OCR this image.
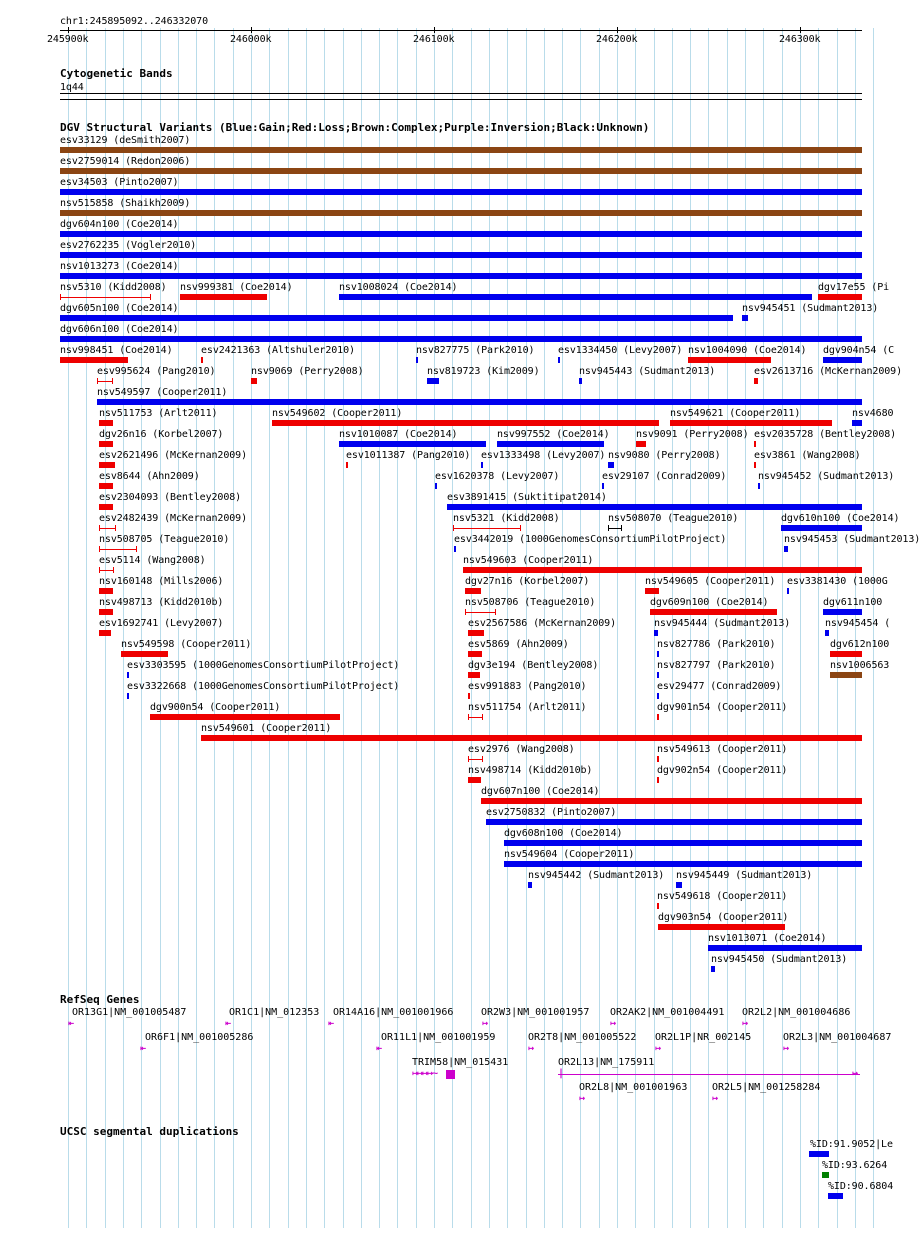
chr1:245895092..246332070
245900k	246000k	246100k	246200k	246300k
Cytogenetic Bands
1q44
DGV Structural Variants (Blue:Gain;Red:Loss;Brown:Complex;Purple:Inversion;Black:Unknown)
esv33129 (deSmith2007)
esv2759014 (Redon2006)
esv34503 (Pinto2007)
nsv515858 (Shaikh2009)
dgv604n100 (Coe2014)
esv2762235 (Vogler2010)
nsv1013273 (Coe2014)
nsv5310 (Kidd2008) nsv999381 (Coe2014)	nsv1008024 (Coe2014)	dgv17e55 (Pi
dgv605n100 (Coe2014)	nsv945451 (Sudmant2013)
dgv606n100 (Coe2014)
nsv998451 (Coe2014)	esv2421363 (Altshuler2010)	nsv827775 (Park2010) esv1334450 (Levy2007) nsv1004090 (Coe2014) dgv904n54 (C
esv995624 (Pang2010)	nsv9069 (Perry2008)	nsv819723 (Kim2009)	nsv945443 (Sudmant2013)	esv2613716 (McKernan2009)
nsv549597 (Cooper2011)
nsv511753 (Arlt2011)	nsv549602 (Cooper2011)	nsv549621 (Cooper2011)	nsv4680
dgv26n16 (Korbel2007)	nsv1010087 (Coe2014)	nsv997552 (Coe2014)	nsv9091 (Perry2008) esv2035728 (Bentley2008)
esv2621496 (McKernan2009)	esv1011387 (Pang2010) esv1333498 (Levy2007) nsv9080 (Perry2008)	esv3861 (Wang2008)
esv8644 (Ahn2009)	esv1620378 (Levy2007)	esv29107 (Conrad2009)	nsv945452 (Sudmant2013)
esv2304093 (Bentley2008)	esv3891415 (Suktitipat2014)
esv2482439 (McKernan2009)	nsv5321 (Kidd2008)	nsv508070 (Teague2010)	dgv610n100 (Coe2014)
nsv508705 (Teague2010)	esv3442019 (1000GenomesConsortiumPilotProject)	nsv945453 (Sudmant2013)
esv5114 (Wang2008)	nsv549603 (Cooper2011)
nsv160148 (Mills2006)	dgv27n16 (Korbel2007)	nsv549605 (Cooper2011) esv3381430 (1000G
nsv498713 (Kidd2010b)	nsv508706 (Teague2010)	dgv609n100 (Coe2014)	dgv611n100
esv1692741 (Levy2007)	esv2567586 (McKernan2009)	nsv945444 (Sudmant2013)	nsv945454 (
nsv549598 (Cooper2011)	esv5869 (Ahn2009)	nsv827786 (Park2010)	dgv612n100
esv3303595 (1000GenomesConsortiumPilotProject)	dgv3e194 (Bentley2008)	nsv827797 (Park2010)	nsv1006563
esv3322668 (1000GenomesConsortiumPilotProject)	esv991883 (Pang2010)	esv29477 (Conrad2009)
dgv900n54 (Cooper2011)	nsv511754 (Arlt2011)	dgv901n54 (Cooper2011)
nsv549601 (Cooper2011)
esv2976 (Wang2008)	nsv549613 (Cooper2011)
nsv498714 (Kidd2010b)	dgv902n54 (Cooper2011)
dgv607n100 (Coe2014)
esv2750832 (Pinto2007)
dgv608n100 (Coe2014)
nsv549604 (Cooper2011)
nsv945442 (Sudmant2013) nsv945449 (Sudmant2013)
nsv549618 (Cooper2011)
dgv903n54 (Cooper2011)
nsv1013071 (Coe2014)
nsv945450 (Sudmant2013)
RefSeq Genes
OR13G1|NM_001005487
⇤
OR1C1|NM_012353
⇤
OR14A16|NM_001001966
⇤
OR2W3|NM_001001957
↦
OR2AK2|NM_001004491
↦
OR2L2|NM_001004686
↦
OR6F1|NM_001005286
⇤
OR11L1|NM_001001959
⇤
OR2T8|NM_001005522
↦
OR2L1P|NR_002145
↦
OR2L3|NM_001004687
↦
TRIM58|NM_015431
↦↦↦↦~
OR2L13|NM_175911
|	↦
OR2L8|NM_001001963
↦
OR2L5|NM_001258284
↦
UCSC segmental duplications
%ID:91.9052|Le
%ID:93.6264
%ID:90.6804
